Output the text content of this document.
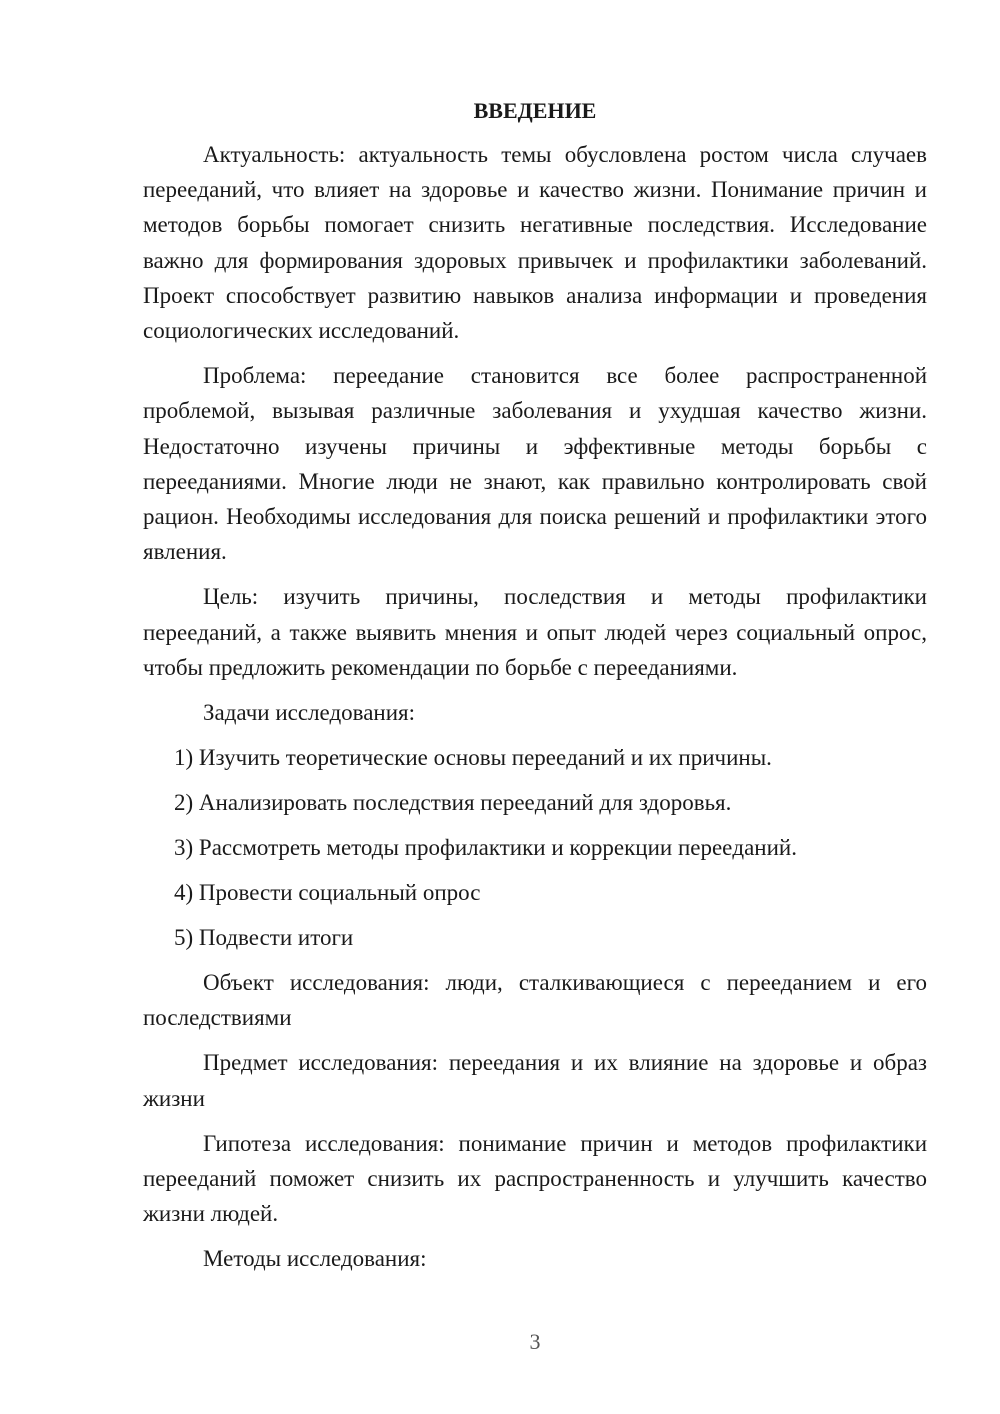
ВВЕДЕНИЕ

Актуальность: актуальность темы обусловлена ростом числа случаев переeданий, что влияет на здоровье и качество жизни. Понимание причин и методов борьбы помогает снизить негативные последствия. Исследование важно для формирования здоровых привычек и профилактики заболеваний. Проект способствует развитию навыков анализа информации и проведения социологических исследований.

Проблема: переедание становится все более распространенной проблемой, вызывая различные заболевания и ухудшая качество жизни. Недостаточно изучены причины и эффективные методы борьбы с перееданиями. Многие люди не знают, как правильно контролировать свой рацион. Необходимы исследования для поиска решений и профилактики этого явления.

Цель: изучить причины, последствия и методы профилактики переeданий, а также выявить мнения и опыт людей через социальный опрос, чтобы предложить рекомендации по борьбе с перееданиями.

Задачи исследования:

1) Изучить теоретические основы переeданий и их причины.
2) Анализировать последствия переeданий для здоровья.
3) Рассмотреть методы профилактики и коррекции переeданий.
4) Провести социальный опрос
5) Подвести итоги

Объект исследования: люди, сталкивающиеся с перееданием и его последствиями

Предмет исследования: переедания и их влияние на здоровье и образ жизни

Гипотеза исследования: понимание причин и методов профилактики переeданий поможет снизить их распространенность и улучшить качество жизни людей.

Методы исследования:

3
